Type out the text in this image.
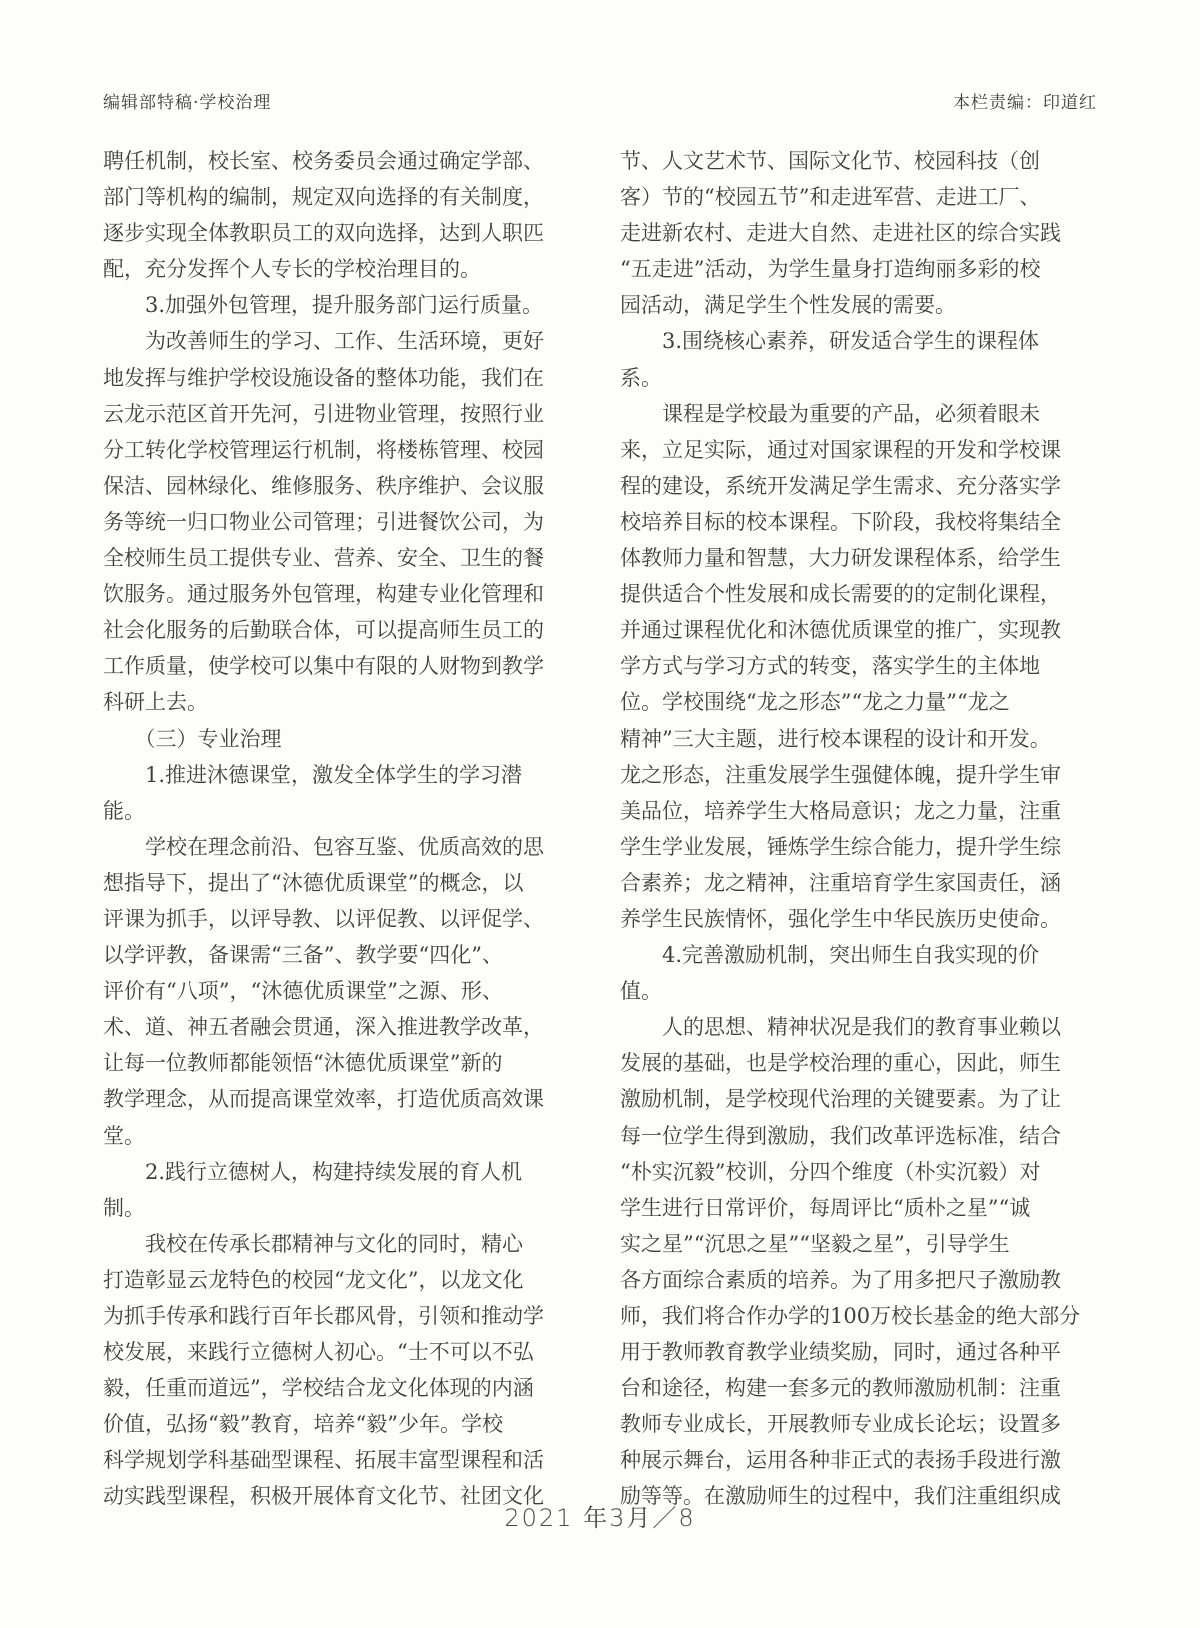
编辑部特稿·学校治理	本栏责编：印道红
聘任机制，校长室、校务委员会通过确定学部、
部门等机构的编制，规定双向选择的有关制度，
逐步实现全体教职员工的双向选择，达到人职匹
配，充分发挥个人专长的学校治理目的。
　　3.加强外包管理，提升服务部门运行质量。
　　为改善师生的学习、工作、生活环境，更好
地发挥与维护学校设施设备的整体功能，我们在
云龙示范区首开先河，引进物业管理，按照行业
分工转化学校管理运行机制，将楼栋管理、校园
保洁、园林绿化、维修服务、秩序维护、会议服
务等统一归口物业公司管理；引进餐饮公司，为
全校师生员工提供专业、营养、安全、卫生的餐
饮服务。通过服务外包管理，构建专业化管理和
社会化服务的后勤联合体，可以提高师生员工的
工作质量，使学校可以集中有限的人财物到教学
科研上去。
　　（三）专业治理
　　1.推进沐德课堂，激发全体学生的学习潜
能。
　　学校在理念前沿、包容互鉴、优质高效的思
想指导下，提出了“沐德优质课堂”的概念，以
评课为抓手，以评导教、以评促教、以评促学、
以学评教，备课需“三备”、教学要“四化”、
评价有“八项”，“沐德优质课堂”之源、形、
术、道、神五者融会贯通，深入推进教学改革，
让每一位教师都能领悟“沐德优质课堂”新的
教学理念，从而提高课堂效率，打造优质高效课
堂。
　　2.践行立德树人，构建持续发展的育人机
制。
　　我校在传承长郡精神与文化的同时，精心
打造彰显云龙特色的校园“龙文化”，以龙文化
为抓手传承和践行百年长郡风骨，引领和推动学
校发展，来践行立德树人初心。“士不可以不弘
毅，任重而道远”，学校结合龙文化体现的内涵
价值，弘扬“毅”教育，培养“毅”少年。学校
科学规划学科基础型课程、拓展丰富型课程和活
动实践型课程，积极开展体育文化节、社团文化
节、人文艺术节、国际文化节、校园科技（创
客）节的“校园五节”和走进军营、走进工厂、
走进新农村、走进大自然、走进社区的综合实践
“五走进”活动，为学生量身打造绚丽多彩的校
园活动，满足学生个性发展的需要。
　　3.围绕核心素养，研发适合学生的课程体
系。
　　课程是学校最为重要的产品，必须着眼未
来，立足实际，通过对国家课程的开发和学校课
程的建设，系统开发满足学生需求、充分落实学
校培养目标的校本课程。下阶段，我校将集结全
体教师力量和智慧，大力研发课程体系，给学生
提供适合个性发展和成长需要的的定制化课程，
并通过课程优化和沐德优质课堂的推广，实现教
学方式与学习方式的转变，落实学生的主体地
位。学校围绕“龙之形态”“龙之力量”“龙之
精神”三大主题，进行校本课程的设计和开发。
龙之形态，注重发展学生强健体魄，提升学生审
美品位，培养学生大格局意识；龙之力量，注重
学生学业发展，锤炼学生综合能力，提升学生综
合素养；龙之精神，注重培育学生家国责任，涵
养学生民族情怀，强化学生中华民族历史使命。
　　4.完善激励机制，突出师生自我实现的价
值。
　　人的思想、精神状况是我们的教育事业赖以
发展的基础，也是学校治理的重心，因此，师生
激励机制，是学校现代治理的关键要素。为了让
每一位学生得到激励，我们改革评选标准，结合
“朴实沉毅”校训，分四个维度（朴实沉毅）对
学生进行日常评价，每周评比“质朴之星”“诚
实之星”“沉思之星”“坚毅之星”，引导学生
各方面综合素质的培养。为了用多把尺子激励教
师，我们将合作办学的100万校长基金的绝大部分
用于教师教育教学业绩奖励，同时，通过各种平
台和途径，构建一套多元的教师激励机制：注重
教师专业成长，开展教师专业成长论坛；设置多
种展示舞台，运用各种非正式的表扬手段进行激
励等等。在激励师生的过程中，我们注重组织成
2021 年3月／8
